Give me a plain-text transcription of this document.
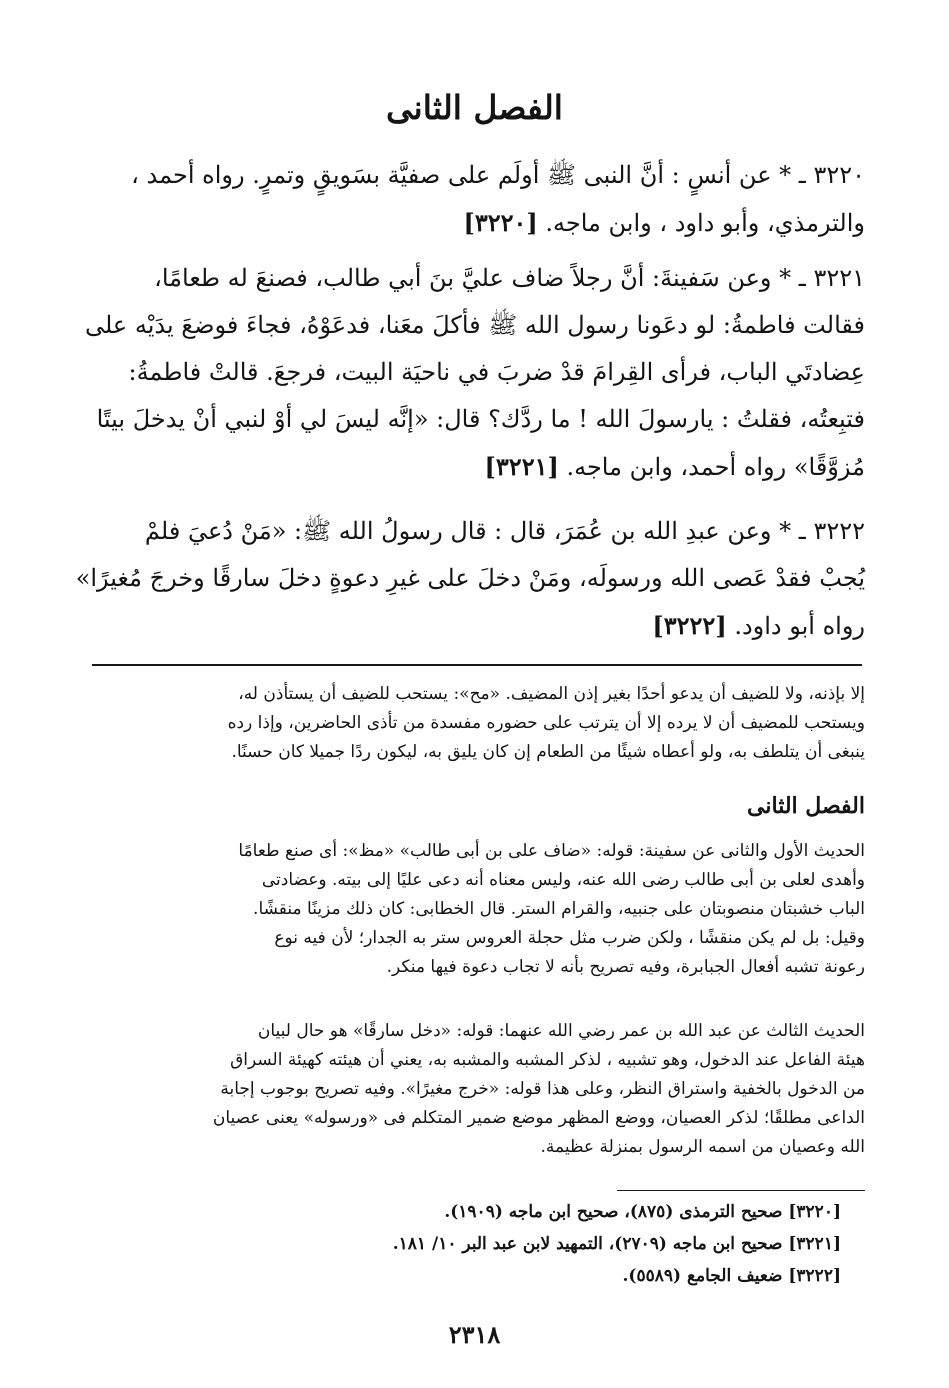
الفصل الثانى
٣٢٢٠ ـ * عن أنسٍ : أنَّ النبى ﷺ أولَم على صفيَّة بسَويقٍ وتمرٍ. رواه أحمد ،
والترمذي، وأبو داود ، وابن ماجه. [٣٢٢٠]
٣٢٢١ ـ * وعن سَفينةَ: أنَّ رجلاً ضاف عليَّ بنَ أبي طالب، فصنعَ له طعامًا،
فقالت فاطمةُ: لو دعَونا رسول الله ﷺ فأكلَ معَنا، فدعَوْهُ، فجاءَ فوضعَ يدَيْه على
عِضادتَي الباب، فرأى القِرامَ قدْ ضربَ في ناحيَة البيت، فرجعَ. قالتْ فاطمةُ:
فتبِعتُه، فقلتُ : يارسولَ الله ! ما ردَّك؟ قال: «إنَّه ليسَ لي أوْ لنبي أنْ يدخلَ بيتًا
مُزوَّقًا» رواه أحمد، وابن ماجه. [٣٢٢١]
٣٢٢٢ ـ * وعن عبدِ الله بن عُمَرَ، قال : قال رسولُ الله ﷺ: «مَنْ دُعيَ فلمْ
يُجبْ فقدْ عَصى الله ورسولَه، ومَنْ دخلَ على غيرِ دعوةٍ دخلَ سارقًا وخرجَ مُغيرًا»
رواه أبو داود. [٣٢٢٢]
إلا بإذنه، ولا للضيف أن يدعو أحدًا بغير إذن المضيف. «مح»: يستحب للضيف أن يستأذن له،
ويستحب للمضيف أن لا يرده إلا أن يترتب على حضوره مفسدة من تأذى الحاضرين، وإذا رده
ينبغى أن يتلطف به، ولو أعطاه شيئًا من الطعام إن كان يليق به، ليكون ردًا جميلا كان حسنًا.
الفصل الثانى
الحديث الأول والثانى عن سفينة: قوله: «ضاف على بن أبى طالب» «مظ»: أى صنع طعامًا
وأهدى لعلى بن أبى طالب رضى الله عنه، وليس معناه أنه دعى عليًا إلى بيته. وعضادتى
الباب خشبتان منصوبتان على جنبيه، والقرام الستر. قال الخطابى: كان ذلك مزينًا منقشًا.
وقيل: بل لم يكن منقشًا ، ولكن ضرب مثل حجلة العروس ستر به الجدار؛ لأن فيه نوع
رعونة تشبه أفعال الجبابرة، وفيه تصريح بأنه لا تجاب دعوة فيها منكر.
الحديث الثالث عن عبد الله بن عمر رضي الله عنهما: قوله: «دخل سارقًا» هو حال لبيان
هيئة الفاعل عند الدخول، وهو تشبيه ، لذكر المشبه والمشبه به، يعني أن هيئته كهيئة السراق
من الدخول بالخفية واستراق النظر، وعلى هذا قوله: «خرج مغيرًا». وفيه تصريح بوجوب إجابة
الداعى مطلقًا؛ لذكر العصيان، ووضع المظهر موضع ضمير المتكلم فى «ورسوله» يعنى عصيان
الله وعصيان من اسمه الرسول بمنزلة عظيمة.
[٣٢٢٠] صحيح الترمذى (٨٧٥)، صحيح ابن ماجه (١٩٠٩).
[٣٢٢١] صحيح ابن ماجه (٢٧٠٩)، التمهيد لابن عبد البر ١٠/ ١٨١.
[٣٢٢٢] ضعيف الجامع (٥٥٨٩).
٢٣١٨
